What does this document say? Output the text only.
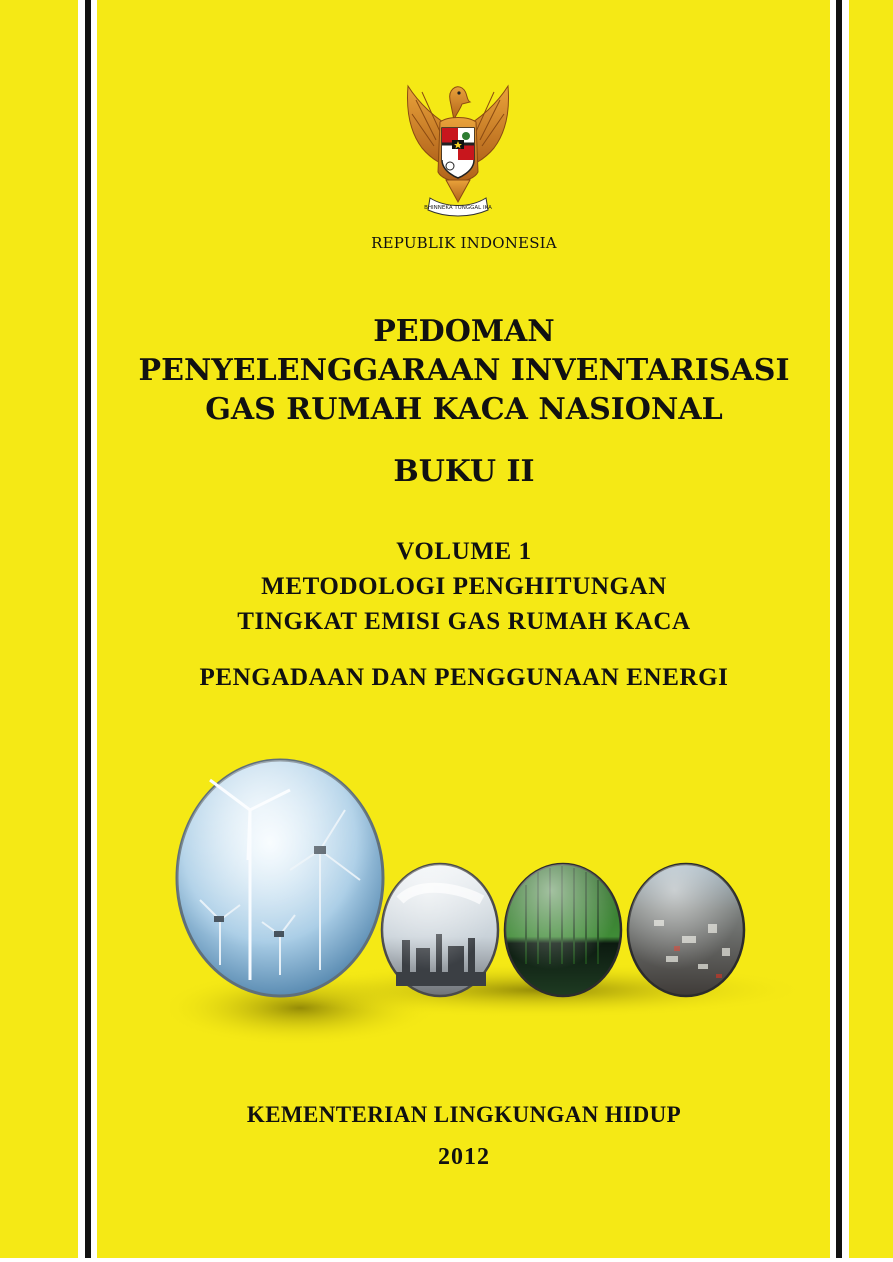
BHINNEKA TUNGGAL IKA
REPUBLIK INDONESIA
PEDOMAN
PENYELENGGARAAN INVENTARISASI
GAS RUMAH KACA NASIONAL
BUKU II
VOLUME 1
METODOLOGI PENGHITUNGAN
TINGKAT EMISI GAS RUMAH KACA
PENGADAAN DAN PENGGUNAAN ENERGI
KEMENTERIAN LINGKUNGAN HIDUP
2012
